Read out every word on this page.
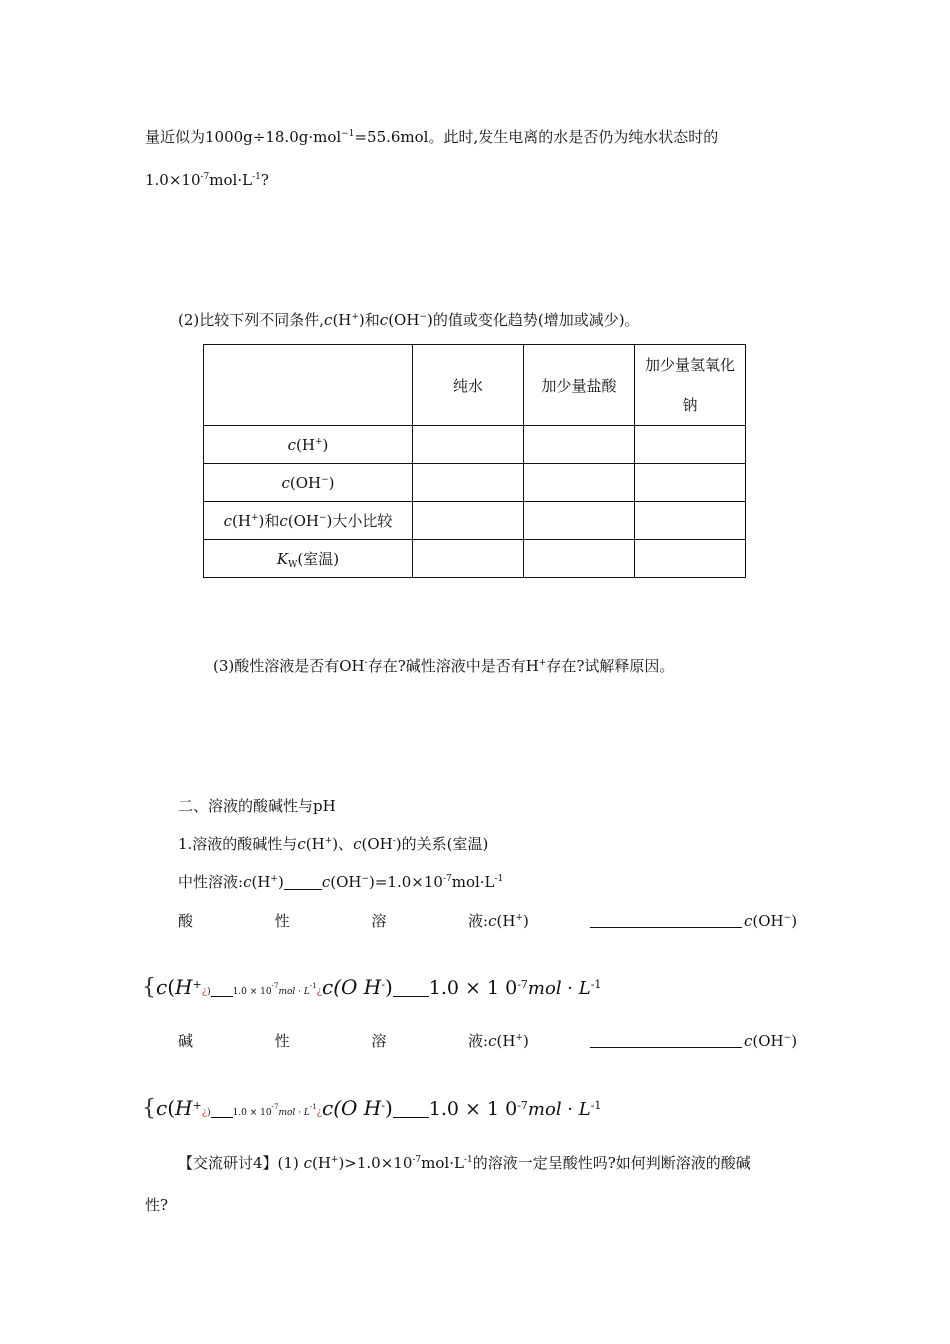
量近似为1000g÷18.0g·mol$^{-1}$=55.6mol。此时,发生电离的水是否仍为纯水状态时的
$1.0\times 10^{-7}mol\cdot L^{-1}$?
(2)比较下列不同条件,c(H+)和c(OH−)的值或变化趋势(增加或减少)。
	纯水	加少量盐酸	加少量氢氧化
钠
c(H+)			
c(OH−)			
c(H+)和c(OH−)大小比较			
$K_W$(室温)			
(3)酸性溶液是否有OH-存在?碱性溶液中是否有H+存在?试解释原因。
二、溶液的酸碱性与pH
1.溶液的酸碱性与c(H+)、c(OH-)的关系(室温)
中性溶液:c(H+)	$c(OH^-)=1.0\times 10^{-7}mol\cdot L^{-1}$
酸	性	溶	液 :c(H+)	c(OH−)
{c(H+¿) $1.0 \times 10^{-7}mol$ · $L^{-1}¿c(O$ H-) 1.0 × 1 $0^{-7}mol \cdot L^{-1}$
碱	性	溶	液 :c(H+)	c(OH−)
{c(H+¿) $1.0 \times 10^{-7}mol$ · $L^{-1}¿c(O$ H-) 1.0 × 1 $0^{-7}mol \cdot L^{-1}$
【交流研讨4】(1) $c(H^+)>1.0\times 10^{-7}mol\cdot L^{-1}$的溶液一定呈酸性吗?如何判断溶液的酸碱
性?
